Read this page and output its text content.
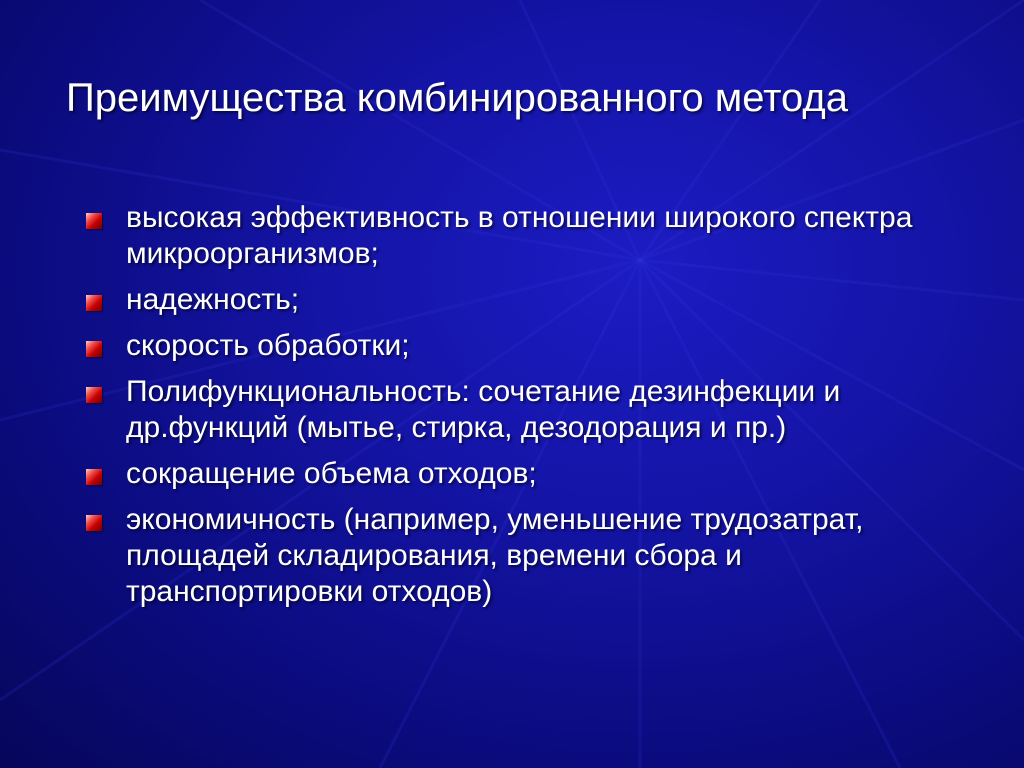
Преимущества комбинированного метода
высокая эффективность в отношении широкого спектра микроорганизмов;
надежность;
скорость обработки;
Полифункциональность: сочетание дезинфекции и др.функций (мытье, стирка, дезодорация и пр.)
сокращение объема отходов;
экономичность (например, уменьшение трудозатрат, площадей складирования, времени сбора и транспортировки отходов)
